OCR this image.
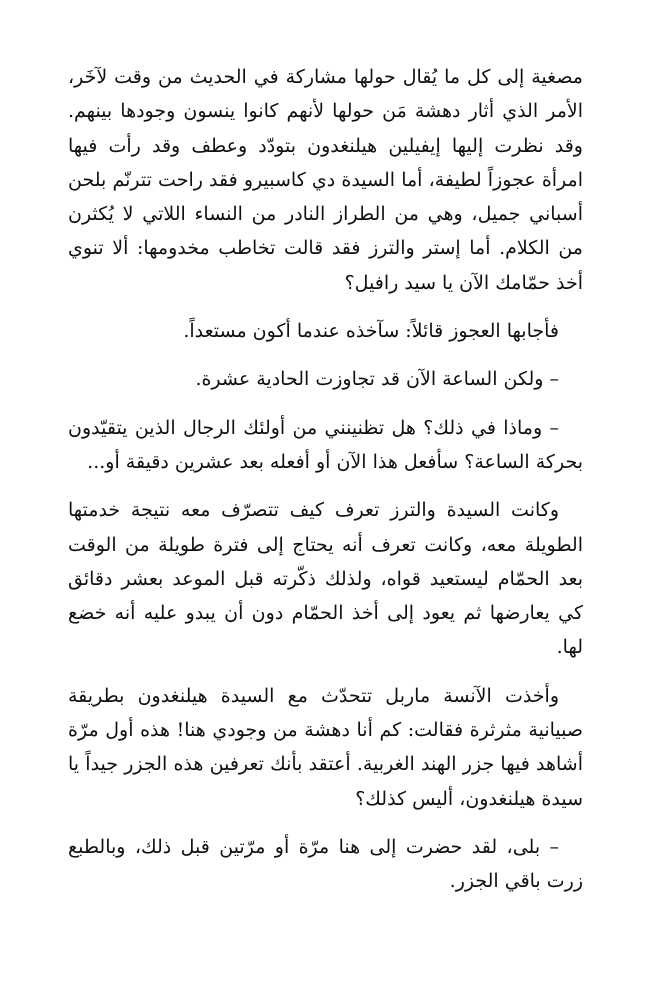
مصغية إلى كل ما يُقال حولها مشاركة في الحديث من وقت لآخَر، الأمر الذي أثار دهشة مَن حولها لأنهم كانوا ينسون وجودها بينهم. وقد نظرت إليها إيفيلين هيلنغدون بتودّد وعطف وقد رأت فيها امرأة عجوزاً لطيفة، أما السيدة دي كاسبيرو فقد راحت تترنّم بلحن أسباني جميل، وهي من الطراز النادر من النساء اللاتي لا يُكثرن من الكلام. أما إستر والترز فقد قالت تخاطب مخدومها: ألا تنوي أخذ حمّامك الآن يا سيد رافيل؟

فأجابها العجوز قائلاً: سآخذه عندما أكون مستعداً.

– ولكن الساعة الآن قد تجاوزت الحادية عشرة.

– وماذا في ذلك؟ هل تظنينني من أولئك الرجال الذين يتقيّدون بحركة الساعة؟ سأفعل هذا الآن أو أفعله بعد عشرين دقيقة أو...

وكانت السيدة والترز تعرف كيف تتصرّف معه نتيجة خدمتها الطويلة معه، وكانت تعرف أنه يحتاج إلى فترة طويلة من الوقت بعد الحمّام ليستعيد قواه، ولذلك ذكّرته قبل الموعد بعشر دقائق كي يعارضها ثم يعود إلى أخذ الحمّام دون أن يبدو عليه أنه خضع لها.

وأخذت الآنسة ماربل تتحدّث مع السيدة هيلنغدون بطريقة صبيانية مثرثرة فقالت: كم أنا دهشة من وجودي هنا! هذه أول مرّة أشاهد فيها جزر الهند الغربية. أعتقد بأنك تعرفين هذه الجزر جيداً يا سيدة هيلنغدون، أليس كذلك؟

– بلى، لقد حضرت إلى هنا مرّة أو مرّتين قبل ذلك، وبالطبع زرت باقي الجزر.
